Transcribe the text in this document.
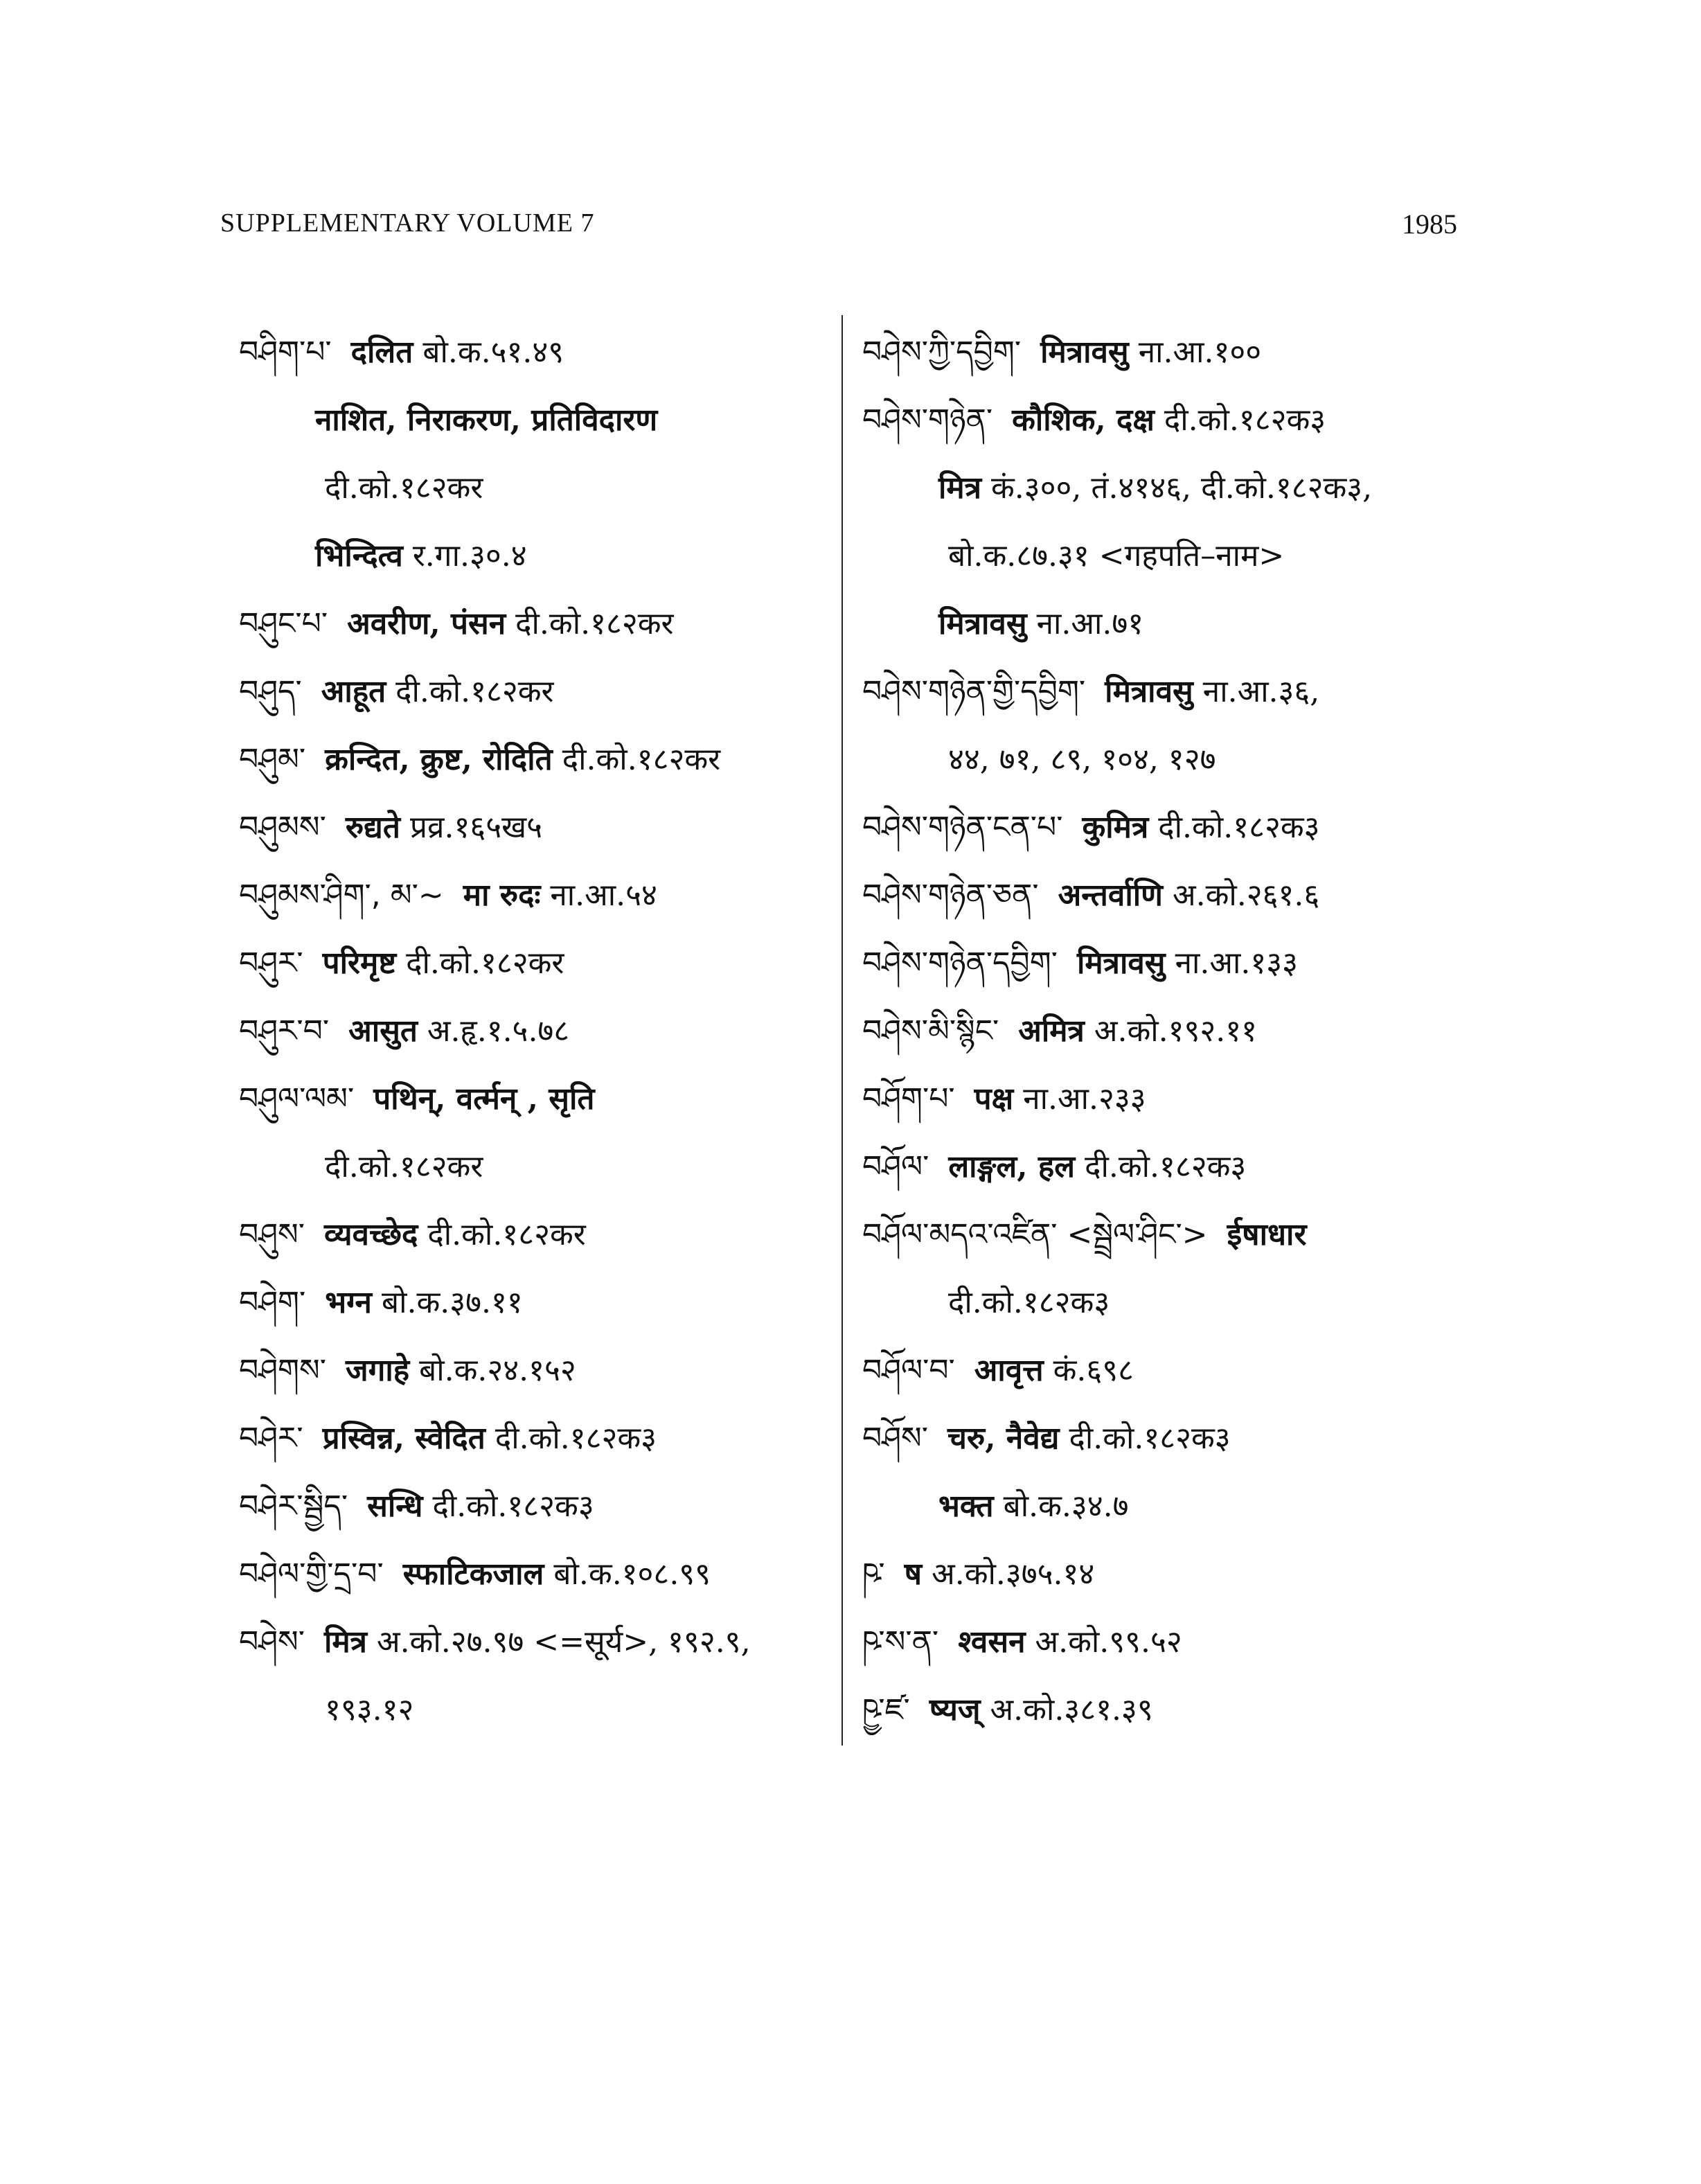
SUPPLEMENTARY VOLUME 7	1985
བཤིག་པ་ दलित बो.क.५१.४९
नाशित, निराकरण, प्रतिविदारण
दी.को.१८२कर
भिन्दित्व र.गा.३०.४
བཤུང་པ་ अवरीण, पंसन दी.को.१८२कर
བཤུད་ आहूत दी.को.१८२कर
བཤུམ་ क्रन्दित, क्रुष्ट, रोदिति दी.को.१८२कर
བཤུམས་ रुद्यते प्रव्र.१६५ख५
བཤུམས་ཤིག་, མ་~ मा रुदः ना.आ.५४
བཤུར་ परिमृष्ट दी.को.१८२कर
བཤུར་བ་ आसुत अ.हृ.१.५.७८
བཤུལ་ལམ་ पथिन्, वर्त्मन् , सृति
दी.को.१८२कर
བཤུས་ व्यवच्छेद दी.को.१८२कर
བཤེག་ भग्न बो.क.३७.११
བཤེགས་ जगाहे बो.क.२४.१५२
བཤེར་ प्रस्विन्न, स्वेदित दी.को.१८२क३
བཤེར་སྦྱིད་ सन्धि दी.को.१८२क३
བཤེལ་གྱི་དྲ་བ་ स्फाटिकजाल बो.क.१०८.९९
བཤེས་ मित्र अ.को.२७.९७ <=सूर्य>, १९२.९,
१९३.१२
བཤེས་ཀྱི་དབྱིག་ मित्रावसु ना.आ.१००
བཤེས་གཉེན་ कौशिक, दक्ष दी.को.१८२क३
मित्र कं.३००, तं.४१४६, दी.को.१८२क३,
बो.क.८७.३१ <गहपति–नाम>
मित्रावसु ना.आ.७१
བཤེས་གཉེན་གྱི་དབྱིག་ मित्रावसु ना.आ.३६,
४४, ७१, ८९, १०४, १२७
བཤེས་གཉེན་ངན་པ་ कुमित्र दी.को.१८२क३
བཤེས་གཉེན་ཅན་ अन्तर्वाणि अ.को.२६१.६
བཤེས་གཉེན་དབྱིག་ मित्रावसु ना.आ.१३३
བཤེས་མི་སྙིང་ अमित्र अ.को.१९२.११
བཤོག་པ་ पक्ष ना.आ.२३३
བཤོལ་ लाङ्गल, हल दी.को.१८२क३
བཤོལ་མདའ་འཛིན་ <སྦྲེལ་ཤིང་> ईषाधार
दी.को.१८२क३
བཤོལ་བ་ आवृत्त कं.६९८
བཤོས་ चरु, नैवेद्य दी.को.१८२क३
भक्त बो.क.३४.७
ཥ་ ष अ.को.३७५.१४
ཥ་ས་ན་ श्वसन अ.को.९९.५२
ཥྱ་ཛ་ ष्यज् अ.को.३८१.३९
